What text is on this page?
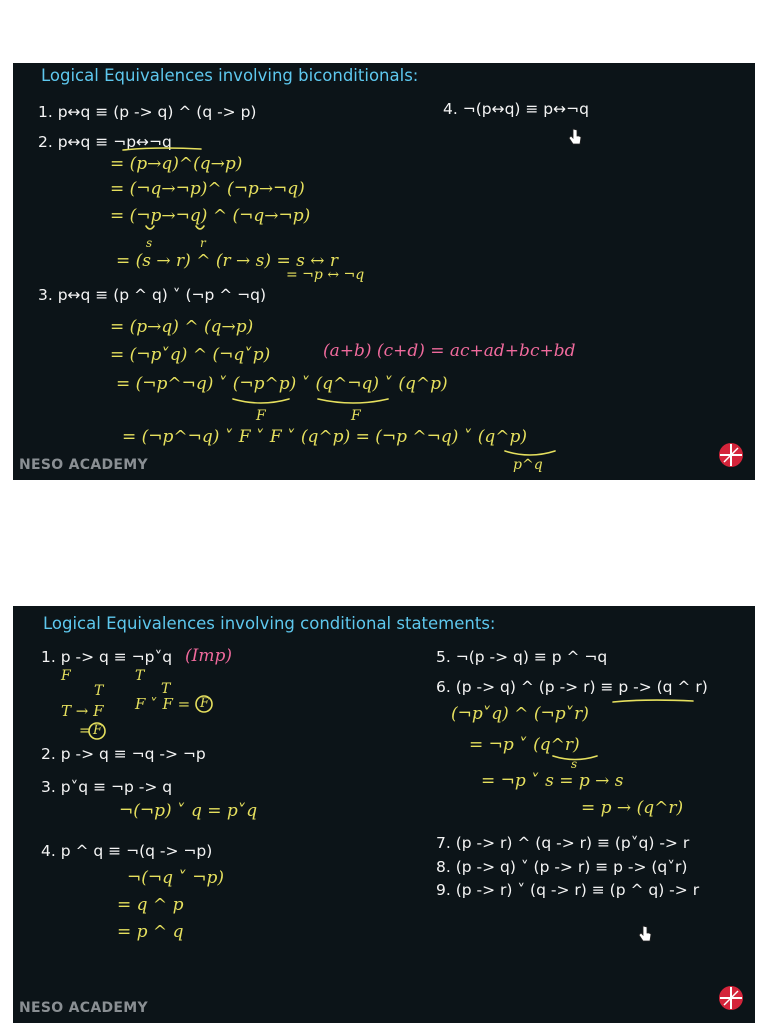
Logical Equivalences involving biconditionals:
1. p↔q ≡ (p -> q) ^ (q -> p)	4. ¬(p↔q) ≡ p↔¬q
2. p↔q ≡ ¬p↔¬q
= (p→q)^(q→p)
= (¬q→¬p)^ (¬p→¬q)
= (¬p→¬q) ^ (¬q→¬p)
s	r
= (s → r) ^ (r → s) = s ↔ r
= ¬p ↔ ¬q
3. p↔q ≡ (p ^ q) ˅ (¬p ^ ¬q)
= (p→q) ^ (q→p)
= (¬p˅q) ^ (¬q˅p)	(a+b) (c+d) = ac+ad+bc+bd
= (¬p^¬q) ˅ (¬p^p) ˅ (q^¬q) ˅ (q^p)
F	F
= (¬p^¬q) ˅ F ˅ F ˅ (q^p) = (¬p ^¬q) ˅ (q^p)
p^q
NESO ACADEMY
Logical Equivalences involving conditional statements:
1. p -> q ≡ ¬p˅q (Imp)
F	T
T	T
T → F F ˅ F = F
= F
2. p -> q ≡ ¬q -> ¬p
3. p˅q ≡ ¬p -> q
¬(¬p) ˅ q = p˅q
4. p ^ q ≡ ¬(q -> ¬p)
¬(¬q ˅ ¬p)
= q ^ p
= p ^ q
5. ¬(p -> q) ≡ p ^ ¬q
6. (p -> q) ^ (p -> r) ≡ p -> (q ^ r)
(¬p˅q) ^ (¬p˅r)
= ¬p ˅ (q^r)
s
= ¬p ˅ s = p → s
= p → (q^r)
7. (p -> r) ^ (q -> r) ≡ (p˅q) -> r
8. (p -> q) ˅ (p -> r) ≡ p -> (q˅r)
9. (p -> r) ˅ (q -> r) ≡ (p ^ q) -> r
NESO ACADEMY
